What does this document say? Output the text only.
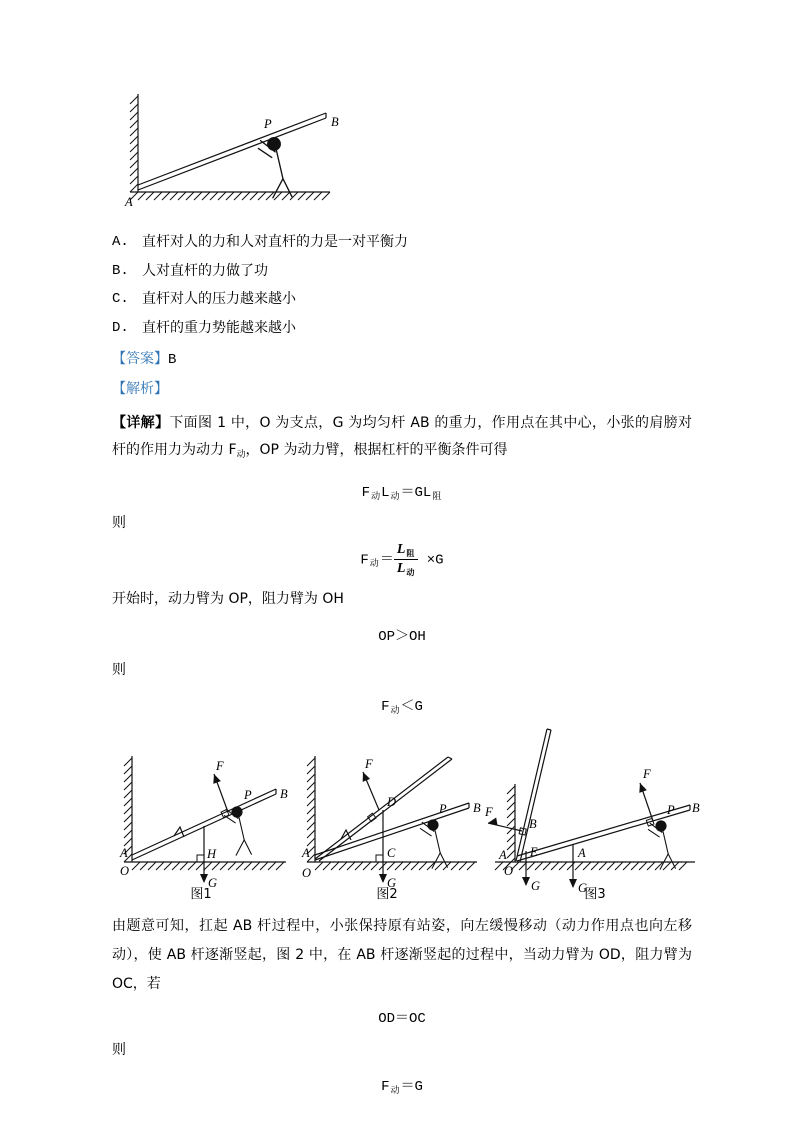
P	B
A
A. 直杆对人的力和人对直杆的力是一对平衡力
B. 人对直杆的力做了功
C. 直杆对人的压力越来越小
D. 直杆的重力势能越来越小
【答案】B
【解析】
【详解】下面图 1 中，O 为支点，G 为均匀杆 AB 的重力，作用点在其中心，小张的肩膀对杆的作用力为动力 $F_动$，OP 为动力臂，根据杠杆的平衡条件可得
$F_动L_动=GL_阻$
则
$F_动= \frac{L_阻}{L_动} \times G$
开始时，动力臂为 OP，阻力臂为 OH
OP＞OH
则
$F_动<G$
F
P B
H
G
A
O
图1
F
D	P B
C
G
A
O
图2
F
B
E
G
A
O
A
G
F
P B
图3
由题意可知，扛起 AB 杆过程中，小张保持原有站姿，向左缓慢移动（动力作用点也向左移动），使 AB 杆逐渐竖起，图 2 中，在 AB 杆逐渐竖起的过程中，当动力臂为 OD，阻力臂为 OC，若
OD＝OC
则
$F_动=G$
